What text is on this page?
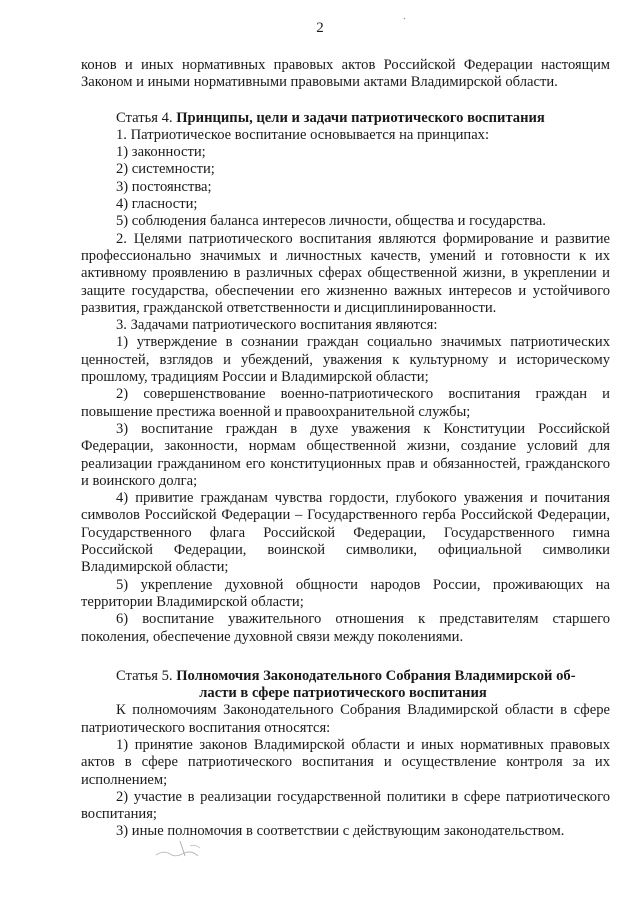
2

конов и иных нормативных правовых актов Российской Федерации настоящим Законом и иными нормативными правовыми актами Владимирской области.

Статья 4. Принципы, цели и задачи патриотического воспитания

1. Патриотическое воспитание основывается на принципах:

1) законности;

2) системности;

3) постоянства;

4) гласности;

5) соблюдения баланса интересов личности, общества и государства.

2. Целями патриотического воспитания являются формирование и развитие профессионально значимых и личностных качеств, умений и готовности к их активному проявлению в различных сферах общественной жизни, в укреплении и защите государства, обеспечении его жизненно важных интересов и устойчивого развития, гражданской ответственности и дисциплинированности.

3. Задачами патриотического воспитания являются:

1) утверждение в сознании граждан социально значимых патриотических ценностей, взглядов и убеждений, уважения к культурному и историческому прошлому, традициям России и Владимирской области;

2) совершенствование военно-патриотического воспитания граждан и повышение престижа военной и правоохранительной службы;

3) воспитание граждан в духе уважения к Конституции Российской Федерации, законности, нормам общественной жизни, создание условий для реализации гражданином его конституционных прав и обязанностей, гражданского и воинского долга;

4) привитие гражданам чувства гордости, глубокого уважения и почитания символов Российской Федерации – Государственного герба Российской Федерации, Государственного флага Российской Федерации, Государственного гимна Российской Федерации, воинской символики, официальной символики Владимирской области;

5) укрепление духовной общности народов России, проживающих на территории Владимирской области;

6) воспитание уважительного отношения к представителям старшего поколения, обеспечение духовной связи между поколениями.

Статья 5. Полномочия Законодательного Собрания Владимирской об-
ласти в сфере патриотического воспитания

К полномочиям Законодательного Собрания Владимирской области в сфере патриотического воспитания относятся:

1) принятие законов Владимирской области и иных нормативных правовых актов в сфере патриотического воспитания и осуществление контроля за их исполнением;

2) участие в реализации государственной политики в сфере патриотического воспитания;

3) иные полномочия в соответствии с действующим законодательством.
